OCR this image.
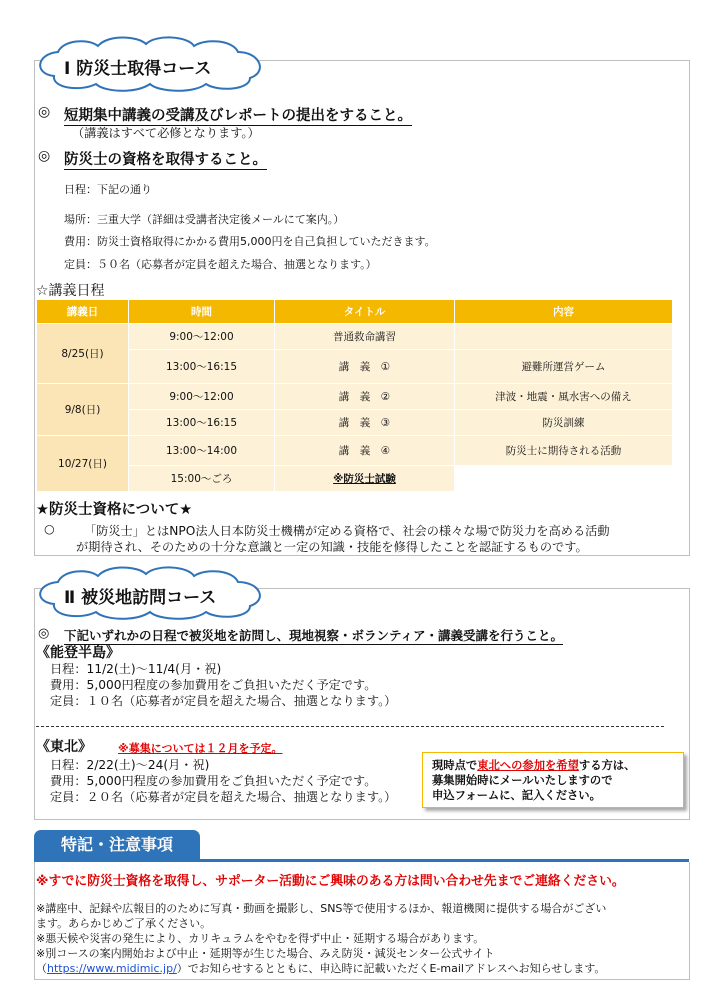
Ⅰ 防災士取得コース
◎ 短期集中講義の受講及びレポートの提出をすること。
（講義はすべて必修となります。）
◎ 防災士の資格を取得すること。
日程：下記の通り
場所：三重大学（詳細は受講者決定後メールにて案内。）
費用：防災士資格取得にかかる費用5,000円を自己負担していただきます。
定員：５０名（応募者が定員を超えた場合、抽選となります。）
☆講義日程
講義日	時間	タイトル	内容
8/25(日)	9:00～12:00	普通救命講習	
	13:00～16:15	講　義　①	避難所運営ゲーム
9/8(日)	9:00～12:00	講　義　②	津波・地震・風水害への備え
	13:00～16:15	講　義　③	防災訓練
10/27(日)	13:00～14:00	講　義　④	防災士に期待される活動
	15:00～ごろ	※防災士試験	
★防災士資格について★
○ 「防災士」とはNPO法人日本防災士機構が定める資格で、社会の様々な場で防災力を高める活動
が期待され、そのための十分な意識と一定の知識・技能を修得したことを認証するものです。
Ⅱ 被災地訪問コース
◎ 下記いずれかの日程で被災地を訪問し、現地視察・ボランティア・講義受講を行うこと。
《能登半島》
日程：11/2(土)～11/4(月・祝)
費用：5,000円程度の参加費用をご負担いただく予定です。
定員：１０名（応募者が定員を超えた場合、抽選となります。）
《東北》 ※募集については１２月を予定。
日程：2/22(土)～24(月・祝)
費用：5,000円程度の参加費用をご負担いただく予定です。
定員：２０名（応募者が定員を超えた場合、抽選となります。）
現時点で東北への参加を希望する方は、
募集開始時にメールいたしますので
申込フォームに、記入ください。
特記・注意事項
※すでに防災士資格を取得し、サポーター活動にご興味のある方は問い合わせ先までご連絡ください。
※講座中、記録や広報目的のために写真・動画を撮影し、SNS等で使用するほか、報道機関に提供する場合がござい
ます。あらかじめご了承ください。
※悪天候や災害の発生により、カリキュラムをやむを得ず中止・延期する場合があります。
※別コースの案内開始および中止・延期等が生じた場合、みえ防災・減災センター公式サイト
（https://www.midimic.jp/）でお知らせするとともに、申込時に記載いただくE-mailアドレスへお知らせします。
